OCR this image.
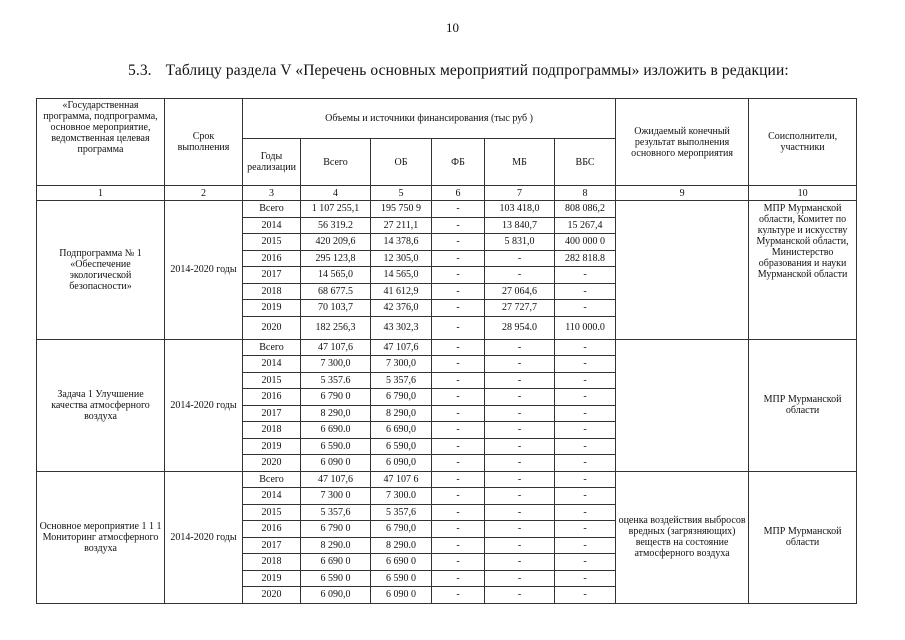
10
5.3. Таблицу раздела V «Перечень основных мероприятий подпрограммы» изложить в редакции:
«Государственная программа, подпрограмма, основное мероприятие, ведомственная целевая программа	Срок выполнения	Объемы и источники финансирования (тыс руб )						Ожидаемый конечный результат выполнения основного мероприятия	Соисполнители, участники
		Годы реализации	Всего	ОБ	ФБ	МБ	ВБС		
1	2	3	4	5	6	7	8	9	10
Подпрограмма № 1 «Обеспечение экологической безопасности»	2014-2020 годы	Всего	1 107 255,1	195 750 9	-	103 418,0	808 086,2		МПР Мурманской области, Комитет по культуре и искусству Мурманской области, Министерство образования и науки Мурманской области
		2014	56 319.2	27 211,1	-	13 840,7	15 267,4		
		2015	420 209,6	14 378,6	-	5 831,0	400 000 0		
		2016	295 123,8	12 305,0	-	-	282 818.8		
		2017	14 565,0	14 565,0	-	-	-		
		2018	68 677.5	41 612,9	-	27 064,6	-		
		2019	70 103,7	42 376,0	-	27 727,7	-		
		2020	182 256,3	43 302,3	-	28 954.0	110 000.0		
Задача 1 Улучшение качества атмосферного воздуха	2014-2020 годы	Всего	47 107,6	47 107,6	-	-	-		МПР Мурманской области
		2014	7 300,0	7 300,0	-	-	-		
		2015	5 357.6	5 357,6	-	-	-		
		2016	6 790 0	6 790,0	-	-	-		
		2017	8 290,0	8 290,0	-	-	-		
		2018	6 690.0	6 690,0	-	-	-		
		2019	6 590.0	6 590,0	-	-	-		
		2020	6 090 0	6 090,0	-	-	-		
Основное мероприятие 1 1 1 Мониторинг атмосферного воздуха	2014-2020 годы	Всего	47 107,6	47 107 6	-	-	-	оценка воздействия выбросов вредных (загрязняющих) веществ на состояние атмосферного воздуха	МПР Мурманской области
		2014	7 300 0	7 300.0	-	-	-		
		2015	5 357,6	5 357,6	-	-	-		
		2016	6 790 0	6 790,0	-	-	-		
		2017	8 290.0	8 290.0	-	-	-		
		2018	6 690 0	6 690 0	-	-	-		
		2019	6 590 0	6 590 0	-	-	-		
		2020	6 090,0	6 090 0	-	-	-		
